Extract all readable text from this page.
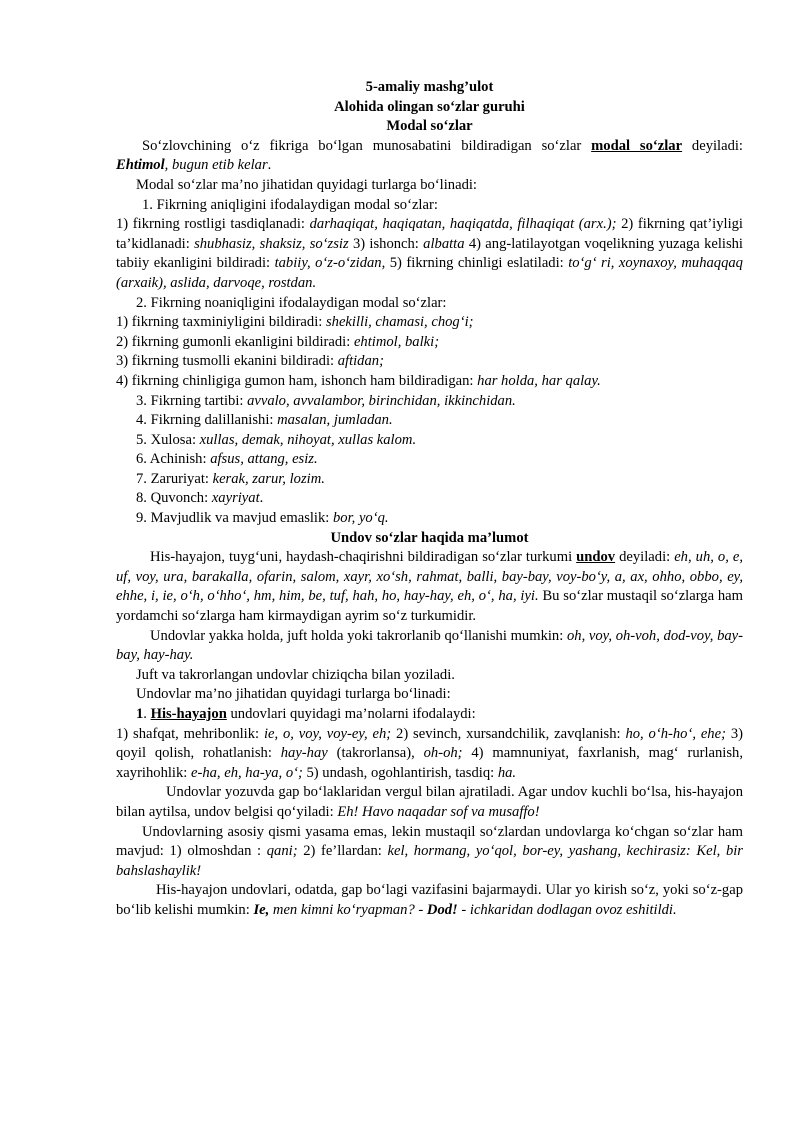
5-amaliy mashg’ulot
Alohida olingan so‘zlar guruhi
Modal so‘zlar

So‘zlovchining o‘z fikriga bo‘lgan munosabatini bildiradigan so‘zlar modal so‘zlar deyiladi: Ehtimol, bugun etib kelar.

Modal so‘zlar ma’no jihatidan quyidagi turlarga bo‘linadi:

1. Fikrning aniqligini ifodalaydigan modal so‘zlar:

1) fikrning rostligi tasdiqlanadi: darhaqiqat, haqiqatan, haqiqatda, filhaqiqat (arx.); 2) fikrning qat’iyligi ta’kidlanadi: shubhasiz, shaksiz, so‘zsiz 3) ishonch: albatta 4) ang-latilayotgan voqelikning yuzaga kelishi tabiiy ekanligini bildiradi: tabiiy, o‘z-o‘zidan, 5) fikrning chinligi eslatiladi: to‘g‘ ri, xoynaxoy, muhaqqaq (arxaik), aslida, darvoqe, rostdan.

2. Fikrning noaniqligini ifodalaydigan modal so‘zlar:

1) fikrning taxminiyligini bildiradi: shekilli, chamasi, chog‘i;

2) fikrning gumonli ekanligini bildiradi: ehtimol, balki;

3) fikrning tusmolli ekanini bildiradi: aftidan;

4) fikrning chinligiga gumon ham, ishonch ham bildiradigan: har holda, har qalay.

3. Fikrning tartibi: avvalo, avvalambor, birinchidan, ikkinchidan.

4. Fikrning dalillanishi: masalan, jumladan.

5. Xulosa: xullas, demak, nihoyat, xullas kalom.

6. Achinish: afsus, attang, esiz.

7. Zaruriyat: kerak, zarur, lozim.

8. Quvonch: xayriyat.

9. Mavjudlik va mavjud emaslik: bor, yo‘q.

Undov so‘zlar haqida ma’lumot

His-hayajon, tuyg‘uni, haydash-chaqirishni bildiradigan so‘zlar turkumi undov deyiladi: eh, uh, o, e, uf, voy, ura, barakalla, ofarin, salom, xayr, xo‘sh, rahmat, balli, bay-bay, voy-bo‘y, a, ax, ohho, obbo, ey, ehhe, i, ie, o‘h, o‘hho‘, hm, him, be, tuf, hah, ho, hay-hay, eh, o‘, ha, iyi. Bu so‘zlar mustaqil so‘zlarga ham yordamchi so‘zlarga ham kirmaydigan ayrim so‘z turkumidir.

Undovlar yakka holda, juft holda yoki takrorlanib qo‘llanishi mumkin: oh, voy, oh-voh, dod-voy, bay-bay, hay-hay.

Juft va takrorlangan undovlar chiziqcha bilan yoziladi.

Undovlar ma’no jihatidan quyidagi turlarga bo‘linadi:

1. His-hayajon undovlari quyidagi ma’nolarni ifodalaydi:

1) shafqat, mehribonlik: ie, o, voy, voy-ey, eh; 2) sevinch, xursandchilik, zavqlanish: ho, o‘h-ho‘, ehe; 3) qoyil qolish, rohatlanish: hay-hay (takrorlansa), oh-oh; 4) mamnuniyat, faxrlanish, mag‘ rurlanish, xayrihohlik: e-ha, eh, ha-ya, o‘; 5) undash, ogohlantirish, tasdiq: ha.

Undovlar yozuvda gap bo‘laklaridan vergul bilan ajratiladi. Agar undov kuchli bo‘lsa, his-hayajon bilan aytilsa, undov belgisi qo‘yiladi: Eh! Havo naqadar sof va musaffo!

Undovlarning asosiy qismi yasama emas, lekin mustaqil so‘zlardan undovlarga ko‘chgan so‘zlar ham mavjud: 1) olmoshdan : qani; 2) fe’llardan: kel, hormang, yo‘qol, bor-ey, yashang, kechirasiz: Kel, bir bahslashaylik!

His-hayajon undovlari, odatda, gap bo‘lagi vazifasini bajarmaydi. Ular yo kirish so‘z, yoki so‘z-gap bo‘lib kelishi mumkin: Ie, men kimni ko‘ryapman? - Dod! - ichkaridan dodlagan ovoz eshitildi.
